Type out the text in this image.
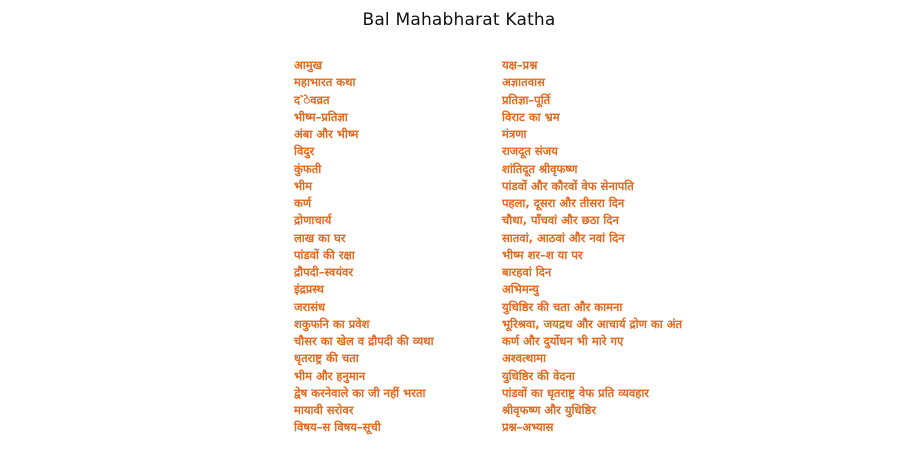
Bal Mahabharat Katha
आमुख
महाभारत कथा
द`ेवव्रत
भीष्म–प्रतिज्ञा
अंबा और भीष्म
विदुर
कुंफती
भीम
कर्ण
द्रोणाचार्य
लाख का घर
पांडवों की रक्षा
द्रौपदी–स्वयंवर
इंद्रप्रस्थ
जरासंध
शकुफनि का प्रवेश
चौसर का खेल व द्रौपदी की व्यथा
धृतराष्ट्र की चता
भीम और हनुमान
द्वेष करनेवाले का जी नहीं भरता
मायावी सरोवर
विषय–स विषय–सूची
यक्ष–प्रश्न
अज्ञातवास
प्रतिज्ञा–पूर्ति
विराट का भ्रम
मंत्रणा
राजदूत संजय
शांतिदूत श्रीवृफष्ण
पांडवों और कौरवों वेफ सेनापति
पहला, दूसरा और तीसरा दिन
चौथा, पाँचवां और छठा दिन
सातवां, आठवां और नवां दिन
भीष्म शर–श या पर
बारहवां दिन
अभिमन्यु
युधिष्ठिर की चता और कामना
भूरिश्रवा, जयद्रथ और आचार्य द्रोण का अंत
कर्ण और दुर्योधन भी मारे गए
अश्वत्थामा
युधिष्ठिर की वेदना
पांडवों का धृतराष्ट्र वेफ प्रति व्यवहार
श्रीवृफष्ण और युधिष्ठिर
प्रश्न–अभ्यास
